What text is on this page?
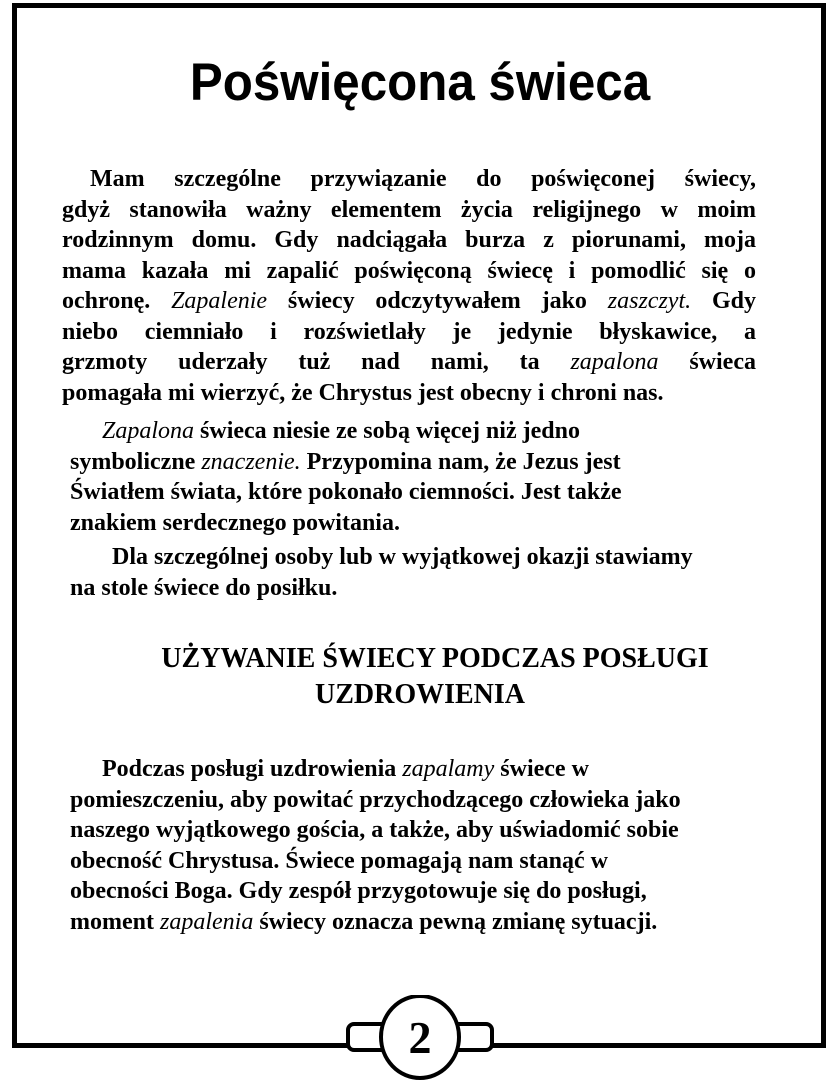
Poświęcona świeca
Mam szczególne przywiązanie do poświęconej świecy,
gdyż stanowiła ważny elementem życia religijnego w moim
rodzinnym domu. Gdy nadciągała burza z piorunami, moja
mama kazała mi zapalić poświęconą świecę i pomodlić się o
ochronę. Zapalenie świecy odczytywałem jako zaszczyt. Gdy
niebo ciemniało i rozświetlały je jedynie błyskawice, a
grzmoty uderzały tuż nad nami, ta zapalona świeca
pomagała mi wierzyć, że Chrystus jest obecny i chroni nas.
Zapalona świeca niesie ze sobą więcej niż jedno
symboliczne znaczenie. Przypomina nam, że Jezus jest
Światłem świata, które pokonało ciemności. Jest także
znakiem serdecznego powitania.
Dla szczególnej osoby lub w wyjątkowej okazji stawiamy
na stole świece do posiłku.
UŻYWANIE ŚWIECY PODCZAS POSŁUGI
UZDROWIENIA
Podczas posługi uzdrowienia zapalamy świece w
pomieszczeniu, aby powitać przychodzącego człowieka jako
naszego wyjątkowego gościa, a także, aby uświadomić sobie
obecność Chrystusa. Świece pomagają nam stanąć w
obecności Boga. Gdy zespół przygotowuje się do posługi,
moment zapalenia świecy oznacza pewną zmianę sytuacji.
2
